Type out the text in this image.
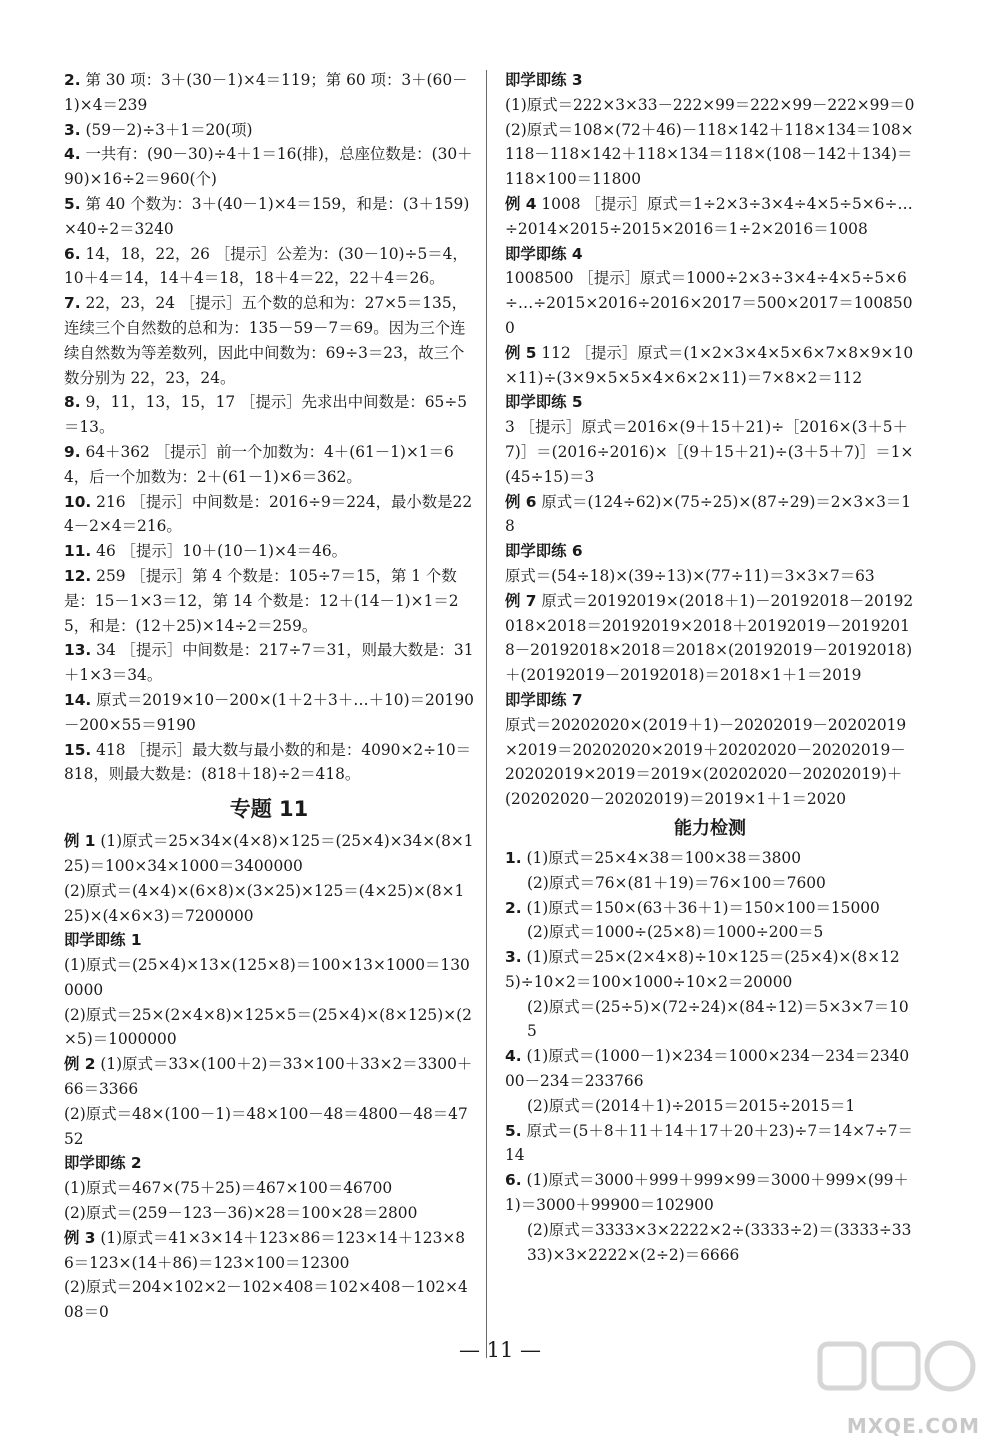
2. 第 30 项：3＋(30－1)×4＝119；第 60 项：3＋(60－1)×4＝239

3. (59－2)÷3＋1＝20(项)

4. 一共有：(90－30)÷4＋1＝16(排)，总座位数是：(30＋90)×16÷2＝960(个)

5. 第 40 个数为：3＋(40－1)×4＝159，和是：(3＋159)×40÷2＝3240

6. 14，18，22，26 ［提示］公差为：(30－10)÷5＝4，10＋4＝14，14＋4＝18，18＋4＝22，22＋4＝26。

7. 22，23，24 ［提示］五个数的总和为：27×5＝135，连续三个自然数的总和为：135－59－7＝69。因为三个连续自然数为等差数列，因此中间数为：69÷3＝23，故三个数分别为 22，23，24。

8. 9，11，13，15，17 ［提示］先求出中间数是：65÷5＝13。

9. 64＋362 ［提示］前一个加数为：4＋(61－1)×1＝64，后一个加数为：2＋(61－1)×6＝362。

10. 216 ［提示］中间数是：2016÷9＝224，最小数是224－2×4＝216。

11. 46 ［提示］10＋(10－1)×4＝46。

12. 259 ［提示］第 4 个数是：105÷7＝15，第 1 个数是：15－1×3＝12，第 14 个数是：12＋(14－1)×1＝25，和是：(12＋25)×14÷2＝259。

13. 34 ［提示］中间数是：217÷7＝31，则最大数是：31＋1×3＝34。

14. 原式＝2019×10－200×(1＋2＋3＋…＋10)＝20190－200×55＝9190

15. 418 ［提示］最大数与最小数的和是：4090×2÷10＝818，则最大数是：(818＋18)÷2＝418。

专题 11

例 1 (1)原式＝25×34×(4×8)×125＝(25×4)×34×(8×125)＝100×34×1000＝3400000

(2)原式＝(4×4)×(6×8)×(3×25)×125＝(4×25)×(8×125)×(4×6×3)＝7200000

即学即练 1

(1)原式＝(25×4)×13×(125×8)＝100×13×1000＝1300000

(2)原式＝25×(2×4×8)×125×5＝(25×4)×(8×125)×(2×5)＝1000000

例 2 (1)原式＝33×(100＋2)＝33×100＋33×2＝3300＋66＝3366

(2)原式＝48×(100－1)＝48×100－48＝4800－48＝4752

即学即练 2

(1)原式＝467×(75＋25)＝467×100＝46700

(2)原式＝(259－123－36)×28＝100×28＝2800

例 3 (1)原式＝41×3×14＋123×86＝123×14＋123×86＝123×(14＋86)＝123×100＝12300

(2)原式＝204×102×2－102×408＝102×408－102×408＝0

即学即练 3

(1)原式＝222×3×33－222×99＝222×99－222×99＝0

(2)原式＝108×(72＋46)－118×142＋118×134＝108×118－118×142＋118×134＝118×(108－142＋134)＝118×100＝11800

例 4 1008 ［提示］原式＝1÷2×3÷3×4÷4×5÷5×6÷…÷2014×2015÷2015×2016＝1÷2×2016＝1008

即学即练 4

1008500 ［提示］原式＝1000÷2×3÷3×4÷4×5÷5×6÷…÷2015×2016÷2016×2017＝500×2017＝1008500

例 5 112 ［提示］原式＝(1×2×3×4×5×6×7×8×9×10×11)÷(3×9×5×5×4×6×2×11)＝7×8×2＝112

即学即练 5

3 ［提示］原式＝2016×(9＋15＋21)÷［2016×(3＋5＋7)］＝(2016÷2016)×［(9＋15＋21)÷(3＋5＋7)］＝1×(45÷15)＝3

例 6 原式＝(124÷62)×(75÷25)×(87÷29)＝2×3×3＝18

即学即练 6

原式＝(54÷18)×(39÷13)×(77÷11)＝3×3×7＝63

例 7 原式＝20192019×(2018＋1)－20192018－20192018×2018＝20192019×2018＋20192019－20192018－20192018×2018＝2018×(20192019－20192018)＋(20192019－20192018)＝2018×1＋1＝2019

即学即练 7

原式＝20202020×(2019＋1)－20202019－20202019×2019＝20202020×2019＋20202020－20202019－20202019×2019＝2019×(20202020－20202019)＋(20202020－20202019)＝2019×1＋1＝2020

能力检测

1. (1)原式＝25×4×38＝100×38＝3800

(2)原式＝76×(81＋19)＝76×100＝7600

2. (1)原式＝150×(63＋36＋1)＝150×100＝15000

(2)原式＝1000÷(25×8)＝1000÷200＝5

3. (1)原式＝25×(2×4×8)÷10×125＝(25×4)×(8×125)÷10×2＝100×1000÷10×2＝20000

(2)原式＝(25÷5)×(72÷24)×(84÷12)＝5×3×7＝105

4. (1)原式＝(1000－1)×234＝1000×234－234＝234000－234＝233766

(2)原式＝(2014＋1)÷2015＝2015÷2015＝1

5. 原式＝(5＋8＋11＋14＋17＋20＋23)÷7＝14×7÷7＝14

6. (1)原式＝3000＋999＋999×99＝3000＋999×(99＋1)＝3000＋99900＝102900

(2)原式＝3333×3×2222×2÷(3333÷2)＝(3333÷3333)×3×2222×(2÷2)＝6666

— 11 —
MXQE.COM
